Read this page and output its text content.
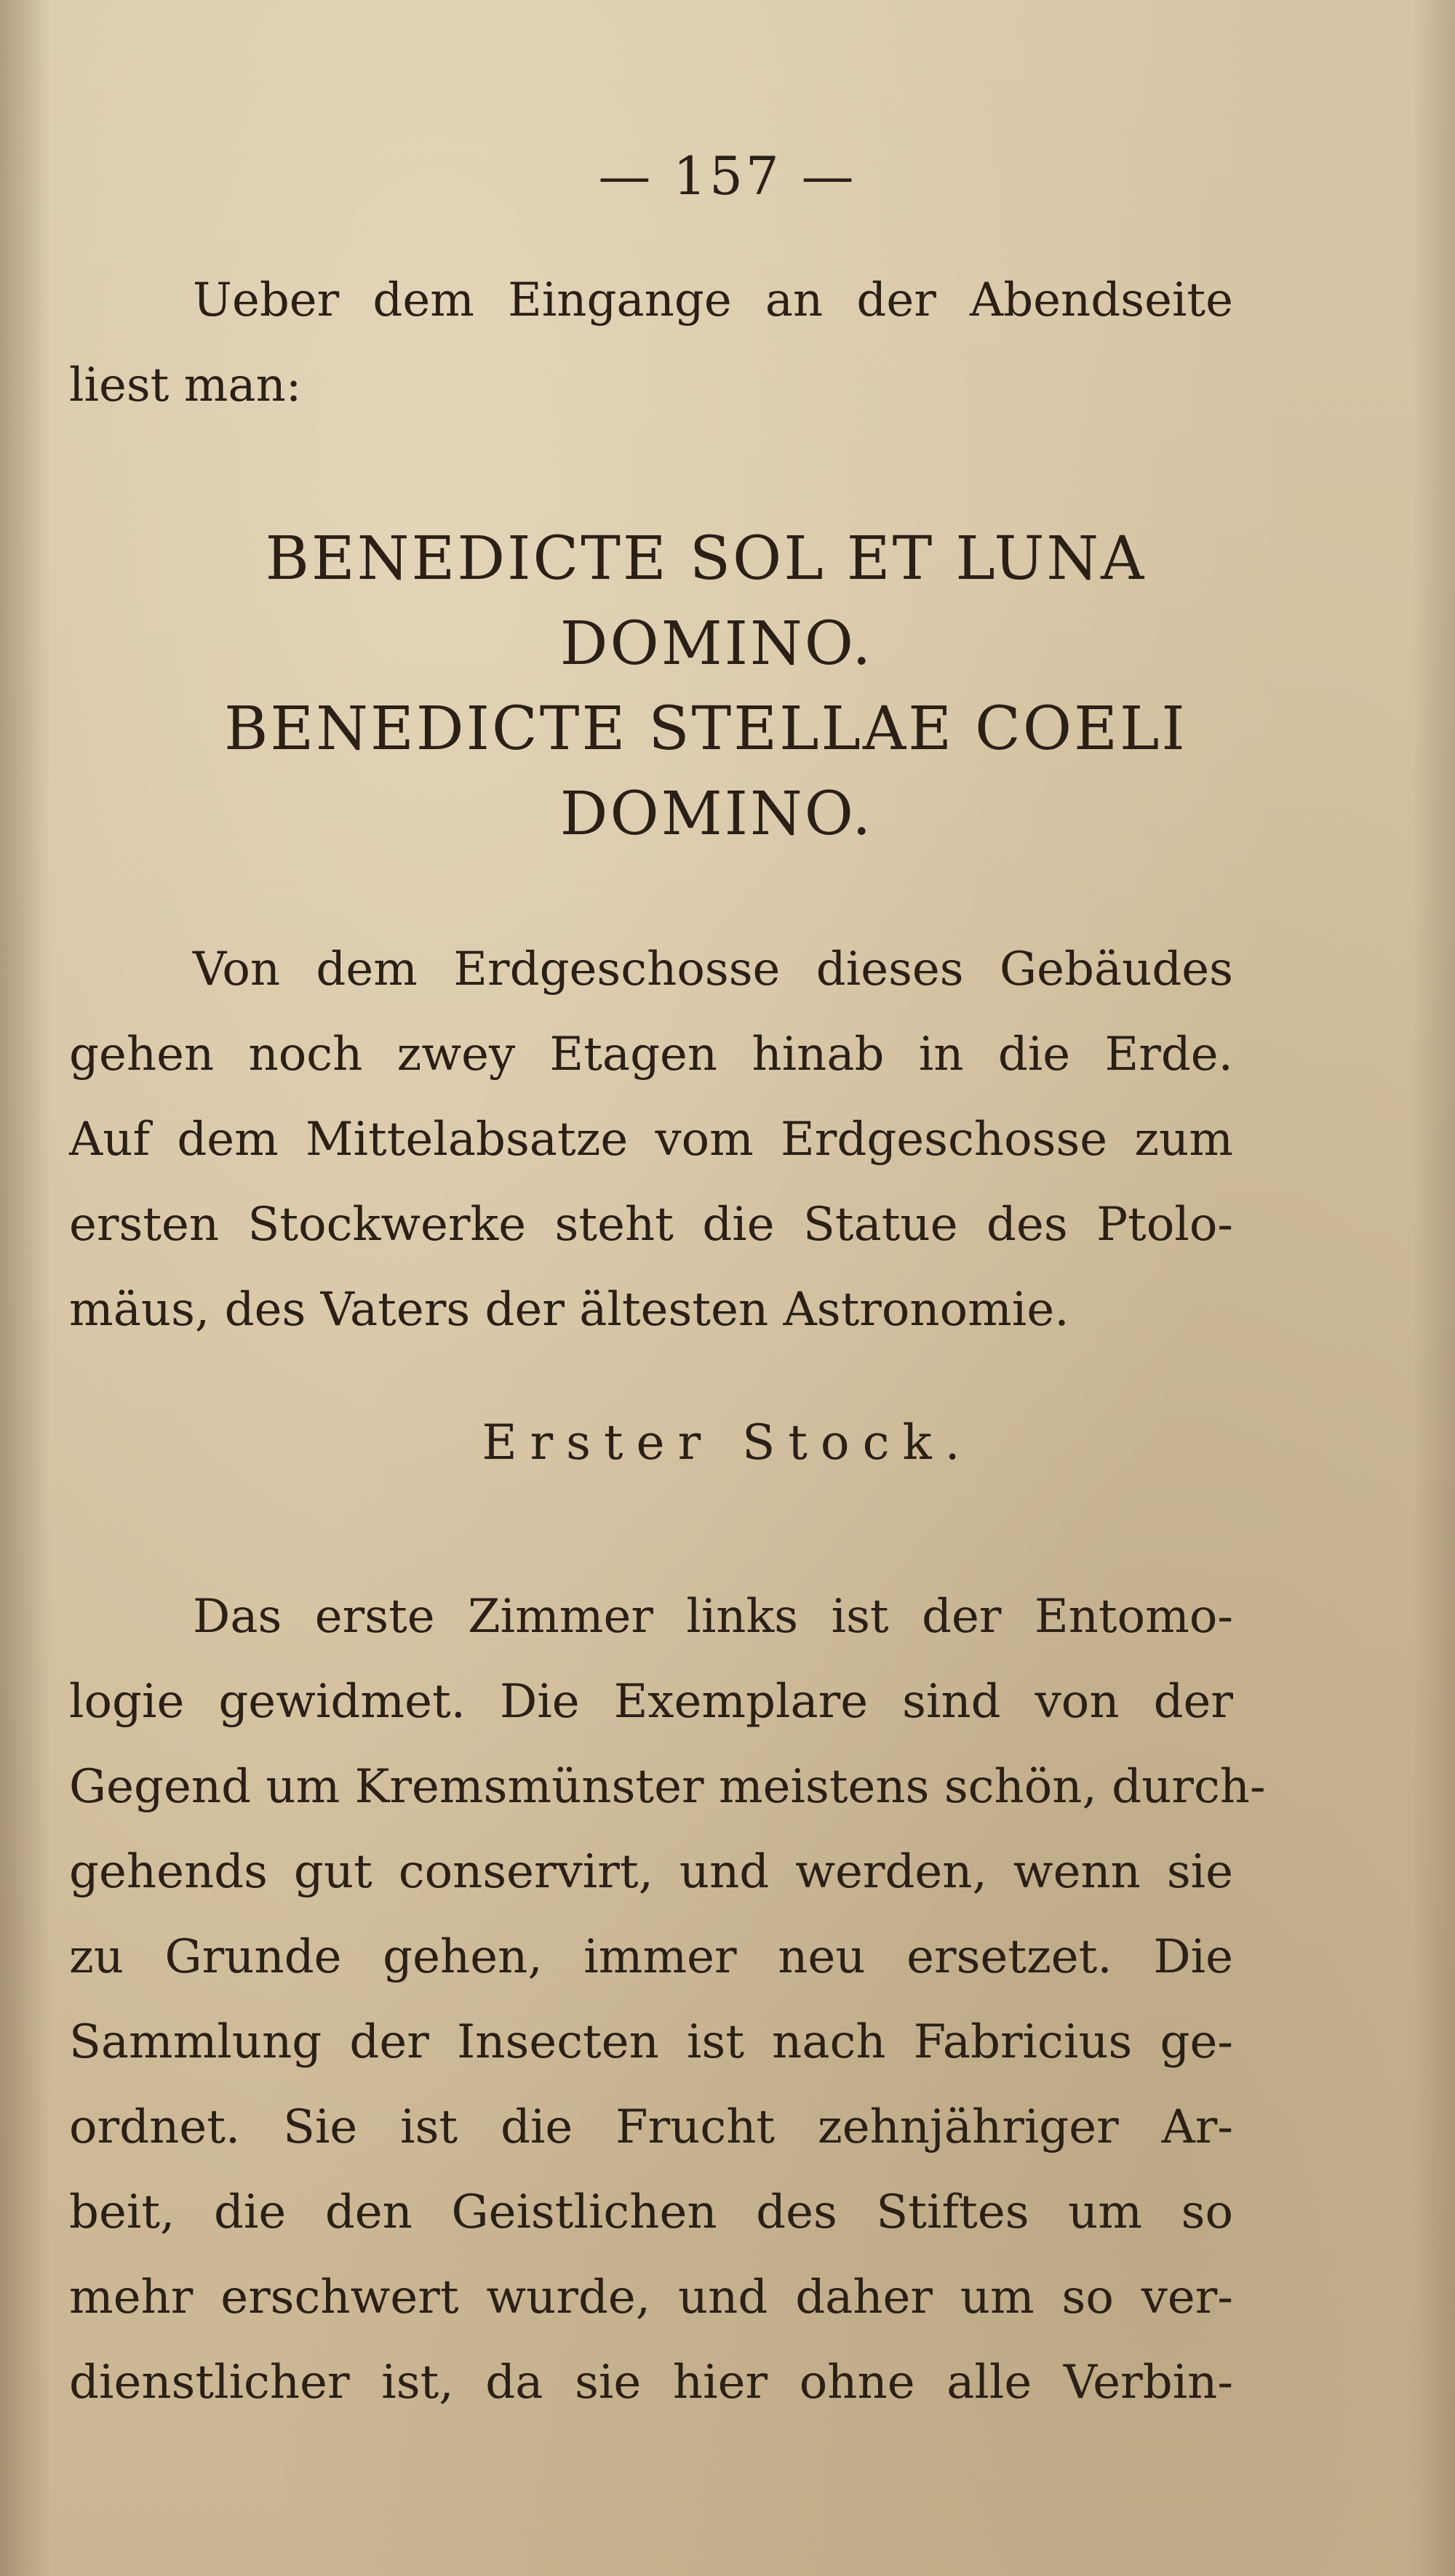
— 157 —
Ueber dem Eingange an der Abendseite
liest man:
BENEDICTE SOL ET LUNA
DOMINO.
BENEDICTE STELLAE COELI
DOMINO.
Von dem Erdgeschosse dieses Gebäudes
gehen noch zwey Etagen hinab in die Erde.
Auf dem Mittelabsatze vom Erdgeschosse zum
ersten Stockwerke steht die Statue des Ptolo-
mäus, des Vaters der ältesten Astronomie.
Erster Stock.
Das erste Zimmer links ist der Entomo-
logie gewidmet. Die Exemplare sind von der
Gegend um Kremsmünster meistens schön, durch-
gehends gut conservirt, und werden, wenn sie
zu Grunde gehen, immer neu ersetzet. Die
Sammlung der Insecten ist nach Fabricius ge-
ordnet. Sie ist die Frucht zehnjähriger Ar-
beit, die den Geistlichen des Stiftes um so
mehr erschwert wurde, und daher um so ver-
dienstlicher ist, da sie hier ohne alle Verbin-
